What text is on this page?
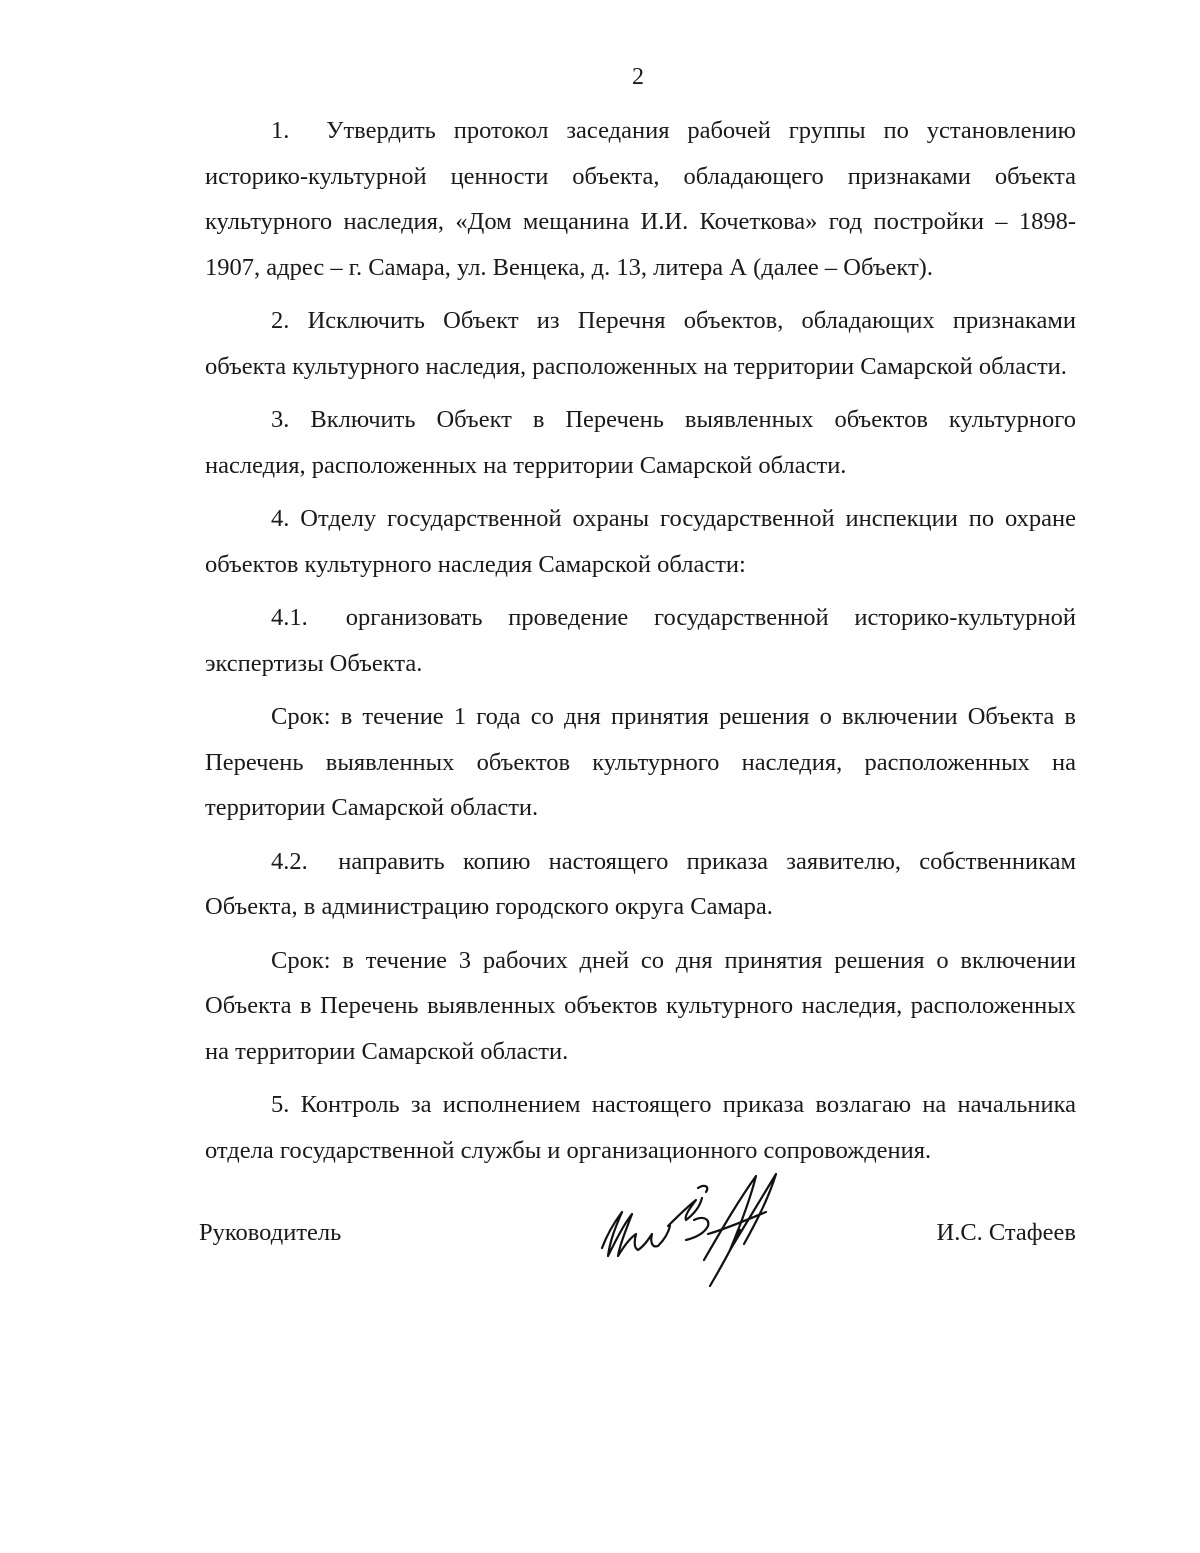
2

1.  Утвердить протокол заседания рабочей группы по установлению историко-культурной ценности объекта, обладающего признаками объекта культурного наследия, «Дом мещанина И.И. Кочеткова» год постройки – 1898-1907, адрес – г. Самара, ул. Венцека, д. 13, литера А (далее – Объект).

2. Исключить Объект из Перечня объектов, обладающих признаками объекта культурного наследия, расположенных на территории Самарской области.

3. Включить Объект в Перечень выявленных объектов культурного наследия, расположенных на территории Самарской области.

4. Отделу государственной охраны государственной инспекции по охране объектов культурного наследия Самарской области:

4.1.  организовать проведение государственной историко-культурной экспертизы Объекта.

Срок: в течение 1 года со дня принятия решения о включении Объекта в Перечень выявленных объектов культурного наследия, расположенных на территории Самарской области.

4.2.  направить копию настоящего приказа заявителю, собственникам Объекта, в администрацию городского округа Самара.

Срок: в течение 3 рабочих дней со дня принятия решения о включении Объекта в Перечень выявленных объектов культурного наследия, расположенных на территории Самарской области.

5. Контроль за исполнением настоящего приказа возлагаю на начальника отдела государственной службы и организационного сопровождения.

Руководитель	И.С. Стафеев
